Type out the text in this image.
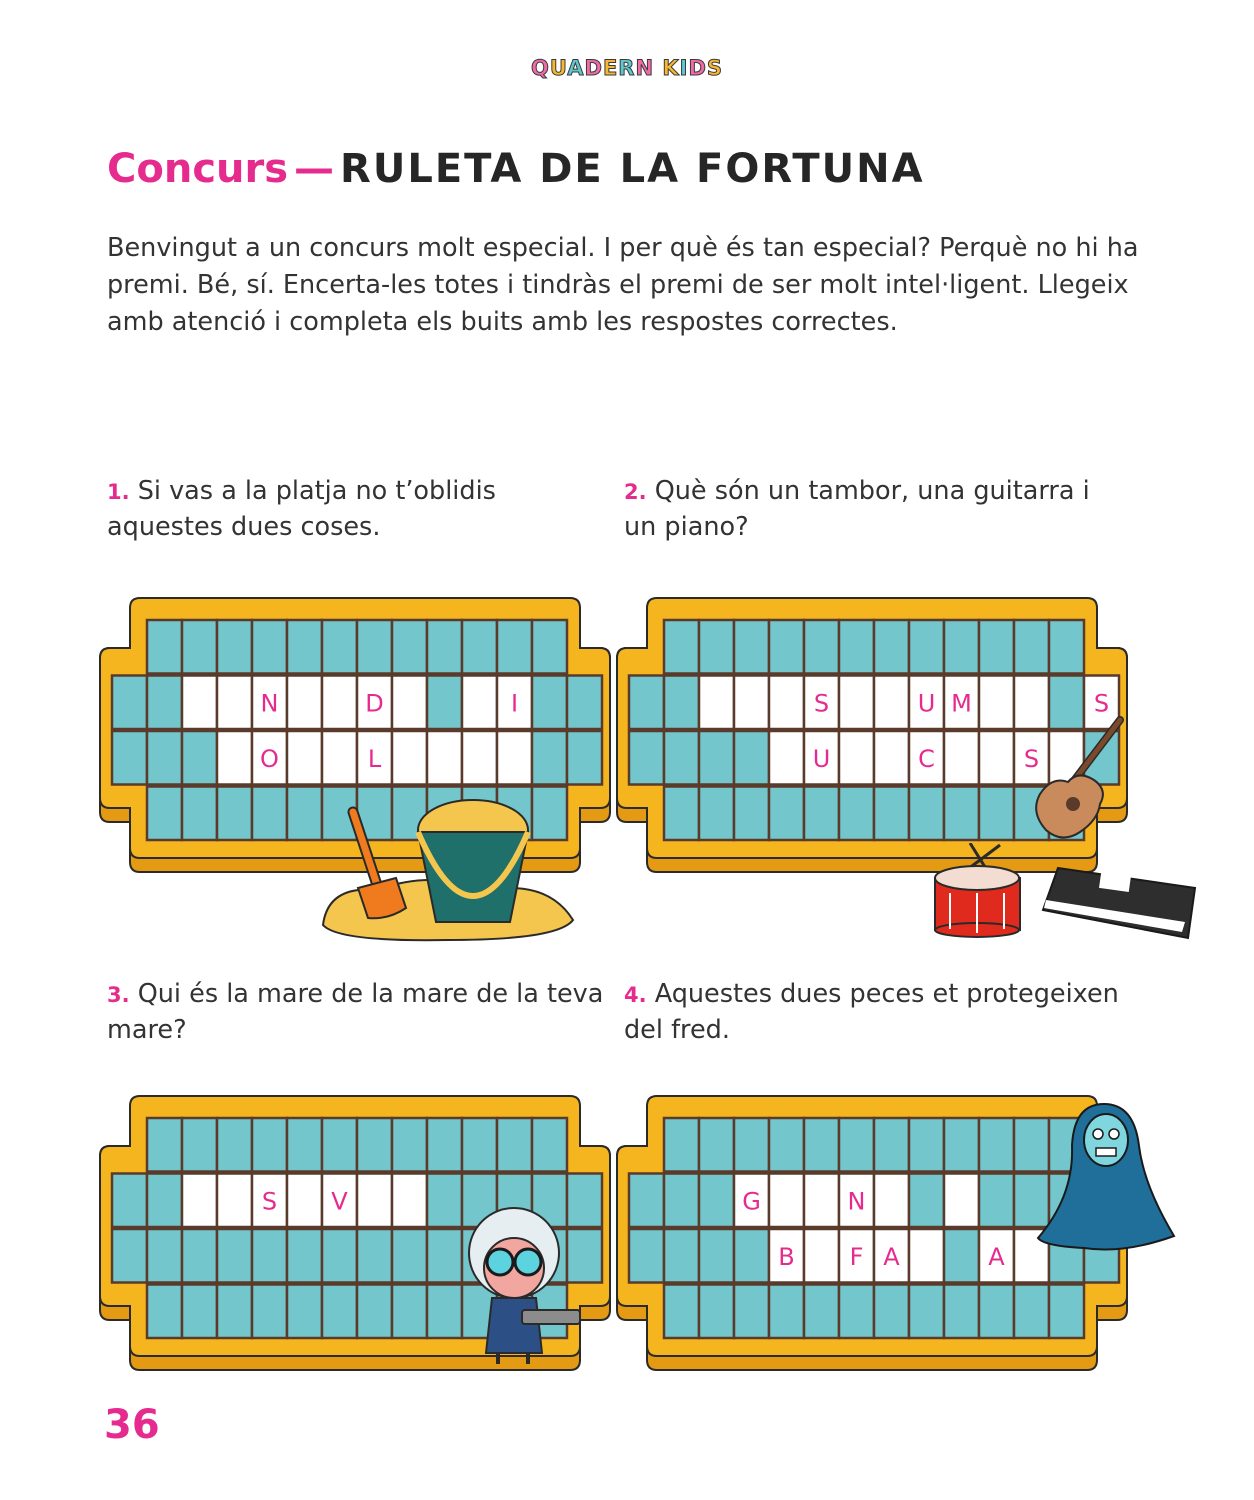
QUADERN KIDS
Concurs — RULETA DE LA FORTUNA

Benvingut a un concurs molt especial. I per què és tan especial? Perquè no hi ha premi. Bé, sí. Encerta-les totes i tindràs el premi de ser molt intel·ligent. Llegeix amb atenció i completa els buits amb les respostes correctes.

1. Si vas a la platja no t’oblidis aquestes dues coses.

2. Què són un tambor, una guitarra i un piano?

3. Qui és la mare de la mare de la teva mare?

4. Aquestes dues peces et protegeixen del fred.

N	D	I
O	L
S	U M	S
U	C	S
S V	G	N
B F A	A
36
